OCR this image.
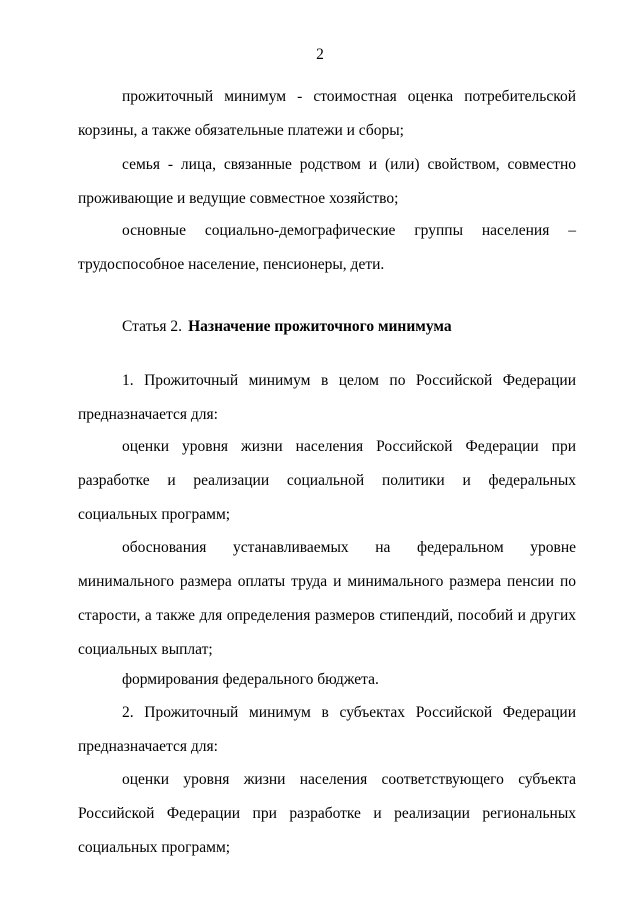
2

прожиточный минимум - стоимостная оценка потребительской корзины, а также обязательные платежи и сборы;

семья - лица, связанные родством и (или) свойством, совместно проживающие и ведущие совместное хозяйство;

основные социально-демографические группы населения – трудоспособное население, пенсионеры, дети.

Статья 2. Назначение прожиточного минимума

1. Прожиточный минимум в целом по Российской Федерации предназначается для:

оценки уровня жизни населения Российской Федерации при разработке и реализации социальной политики и федеральных социальных программ;

обоснования устанавливаемых на федеральном уровне минимального размера оплаты труда и минимального размера пенсии по старости, а также для определения размеров стипендий, пособий и других социальных выплат;

формирования федерального бюджета.

2. Прожиточный минимум в субъектах Российской Федерации предназначается для:

оценки уровня жизни населения соответствующего субъекта Российской Федерации при разработке и реализации региональных социальных программ;
